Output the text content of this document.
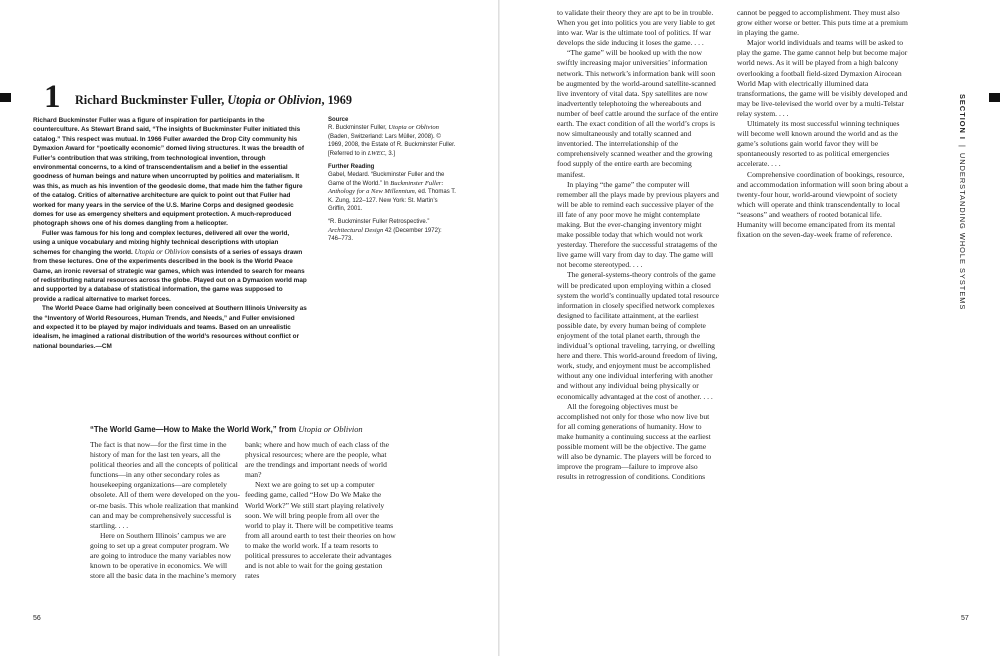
1 Richard Buckminster Fuller, Utopia or Oblivion, 1969

Richard Buckminster Fuller was a figure of inspiration for participants in the counterculture. As Stewart Brand said, “The insights of Buckminster Fuller initiated this catalog.” This respect was mutual. In 1966 Fuller awarded the Drop City community his Dymaxion Award for “poetically economic” domed living structures. It was the breadth of Fuller’s contribution that was striking, from technological invention, through environmental concerns, to a kind of transcendentalism and a belief in the essential goodness of human beings and nature when uncorrupted by politics and materialism. It was this, as much as his invention of the geodesic dome, that made him the father figure of the catalog. Critics of alternative architecture are quick to point out that Fuller had worked for many years in the service of the U.S. Marine Corps and designed geodesic domes for use as emergency shelters and equipment protection. A much-reproduced photograph shows one of his domes dangling from a helicopter.

Fuller was famous for his long and complex lectures, delivered all over the world, using a unique vocabulary and mixing highly technical descriptions with utopian schemes for changing the world. Utopia or Oblivion consists of a series of essays drawn from these lectures. One of the experiments described in the book is the World Peace Game, an ironic reversal of strategic war games, which was intended to search for means of redistributing natural resources across the globe. Played out on a Dymaxion world map and supported by a database of statistical information, the game was supposed to provide a radical alternative to market forces.

The World Peace Game had originally been conceived at Southern Illinois University as the “Inventory of World Resources, Human Trends, and Needs,” and Fuller envisioned and expected it to be played by major individuals and teams. Based on an unrealistic idealism, he imagined a rational distribution of the world’s resources without conflict or national boundaries.—CM

Source
R. Buckminster Fuller, Utopia or Oblivion (Baden, Switzerland: Lars Müller, 2008). © 1969, 2008, the Estate of R. Buckminster Fuller. [Referred to in LWEC, 3.]
Further Reading
Gabel, Medard. “Buckminster Fuller and the Game of the World.” In Buckminster Fuller: Anthology for a New Millennium, ed. Thomas T. K. Zung, 122–127. New York: St. Martin’s Griffin, 2001.
“R. Buckminster Fuller Retrospective.” Architectural Design 42 (December 1972): 746–773.
“The World Game—How to Make the World Work,” from Utopia or Oblivion

The fact is that now—for the first time in the history of man for the last ten years, all the political theories and all the concepts of political functions—in any other secondary roles as housekeeping organizations—are completely obsolete. All of them were developed on the you-or-me basis. This whole realization that mankind can and may be comprehensively successful is startling. . . .

Here on Southern Illinois’ campus we are going to set up a great computer program. We are going to introduce the many variables now known to be operative in economics. We will store all the basic data in the machine’s memory

bank; where and how much of each class of the physical resources; where are the people, what are the trendings and important needs of world man?

Next we are going to set up a computer feeding game, called “How Do We Make the World Work?” We still start playing relatively soon. We will bring people from all over the world to play it. There will be competitive teams from all around earth to test their theories on how to make the world work. If a team resorts to political pressures to accelerate their advantages and is not able to wait for the going gestation rates

56

to validate their theory they are apt to be in trouble. When you get into politics you are very liable to get into war. War is the ultimate tool of politics. If war develops the side inducing it loses the game. . . .

“The game” will be hooked up with the now swiftly increasing major universities’ information network. This network’s information bank will soon be augmented by the world-around satellite-scanned live inventory of vital data. Spy satellites are now inadvertently telephotoing the whereabouts and number of beef cattle around the surface of the entire earth. The exact condition of all the world’s crops is now simultaneously and totally scanned and inventoried. The interrelationship of the comprehensively scanned weather and the growing food supply of the entire earth are becoming manifest.

In playing “the game” the computer will remember all the plays made by previous players and will be able to remind each successive player of the ill fate of any poor move he might contemplate making. But the ever-changing inventory might make possible today that which would not work yesterday. Therefore the successful stratagems of the live game will vary from day to day. The game will not become stereotyped. . . .

The general-systems-theory controls of the game will be predicated upon employing within a closed system the world’s continually updated total resource information in closely specified network complexes designed to facilitate attainment, at the earliest possible date, by every human being of complete enjoyment of the total planet earth, through the individual’s optional traveling, tarrying, or dwelling here and there. This world-around freedom of living, work, study, and enjoyment must be accomplished without any one individual interfering with another and without any individual being physically or economically advantaged at the cost of another. . . .

All the foregoing objectives must be accomplished not only for those who now live but for all coming generations of humanity. How to make humanity a continuing success at the earliest possible moment will be the objective. The game will also be dynamic. The players will be forced to improve the program—failure to improve also results in retrogression of conditions. Conditions

cannot be pegged to accomplishment. They must also grow either worse or better. This puts time at a premium in playing the game.

Major world individuals and teams will be asked to play the game. The game cannot help but become major world news. As it will be played from a high balcony overlooking a football field-sized Dymaxion Airocean World Map with electrically illumined data transformations, the game will be visibly developed and may be live-televised the world over by a multi-Telstar relay system. . . .

Ultimately its most successful winning techniques will become well known around the world and as the game’s solutions gain world favor they will be spontaneously resorted to as political emergencies accelerate. . . .

Comprehensive coordination of bookings, resource, and accommodation information will soon bring about a twenty-four hour, world-around viewpoint of society which will operate and think transcendentally to local “seasons” and weathers of rooted botanical life. Humanity will become emancipated from its mental fixation on the seven-day-week frame of reference.

SECTION I|UNDERSTANDING WHOLE SYSTEMS
57
